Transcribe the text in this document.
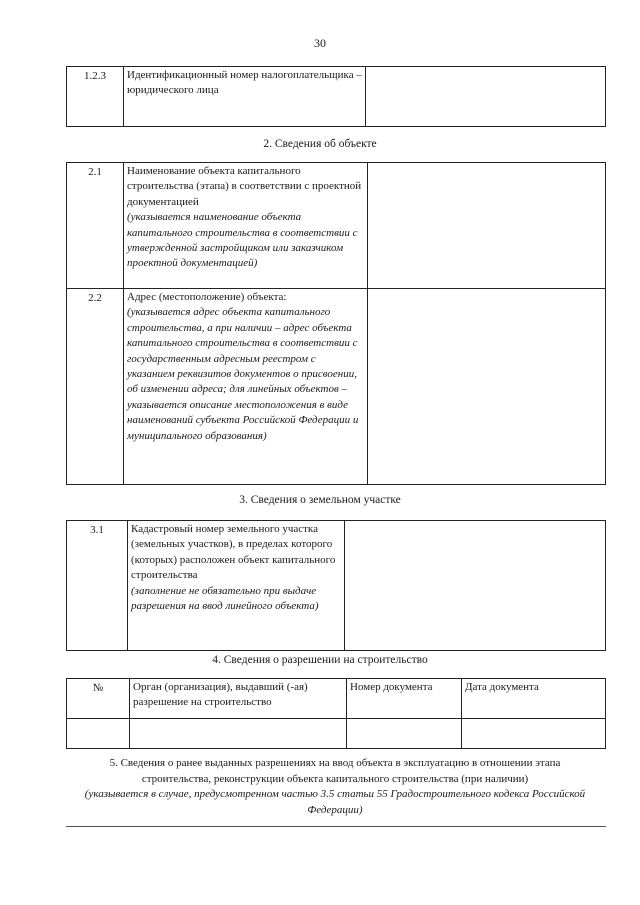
30
1.2.3	Идентификационный номер налогоплательщика – юридического лица

2. Сведения об объекте
2.1	Наименование объекта капитального строительства (этапа) в соответствии с проектной документацией
(указывается наименование объекта капитального строительства в соответствии с утвержденной застройщиком или заказчиком проектной документацией)	

2.2	Адрес (местоположение) объекта:
(указывается адрес объекта капитального строительства, а при наличии – адрес объекта капитального строительства в соответствии с государственным адресным реестром с указанием реквизитов документов о присвоении, об изменении адреса; для линейных объектов – указывается описание местоположения в виде наименований субъекта Российской Федерации и муниципального образования)	

3. Сведения о земельном участке
3.1	Кадастровый номер земельного участка (земельных участков), в пределах которого (которых) расположен объект капитального строительства
(заполнение не обязательно при выдаче разрешения на ввод линейного объекта)

4. Сведения о разрешении на строительство
№	Орган (организация), выдавший (-ая) разрешение на строительство	Номер документа	Дата документа

5. Сведения о ранее выданных разрешениях на ввод объекта в эксплуатацию в отношении этапа строительства, реконструкции объекта капитального строительства (при наличии)
(указывается в случае, предусмотренном частью 3.5 статьи 55 Градостроительного кодекса Российской Федерации)
